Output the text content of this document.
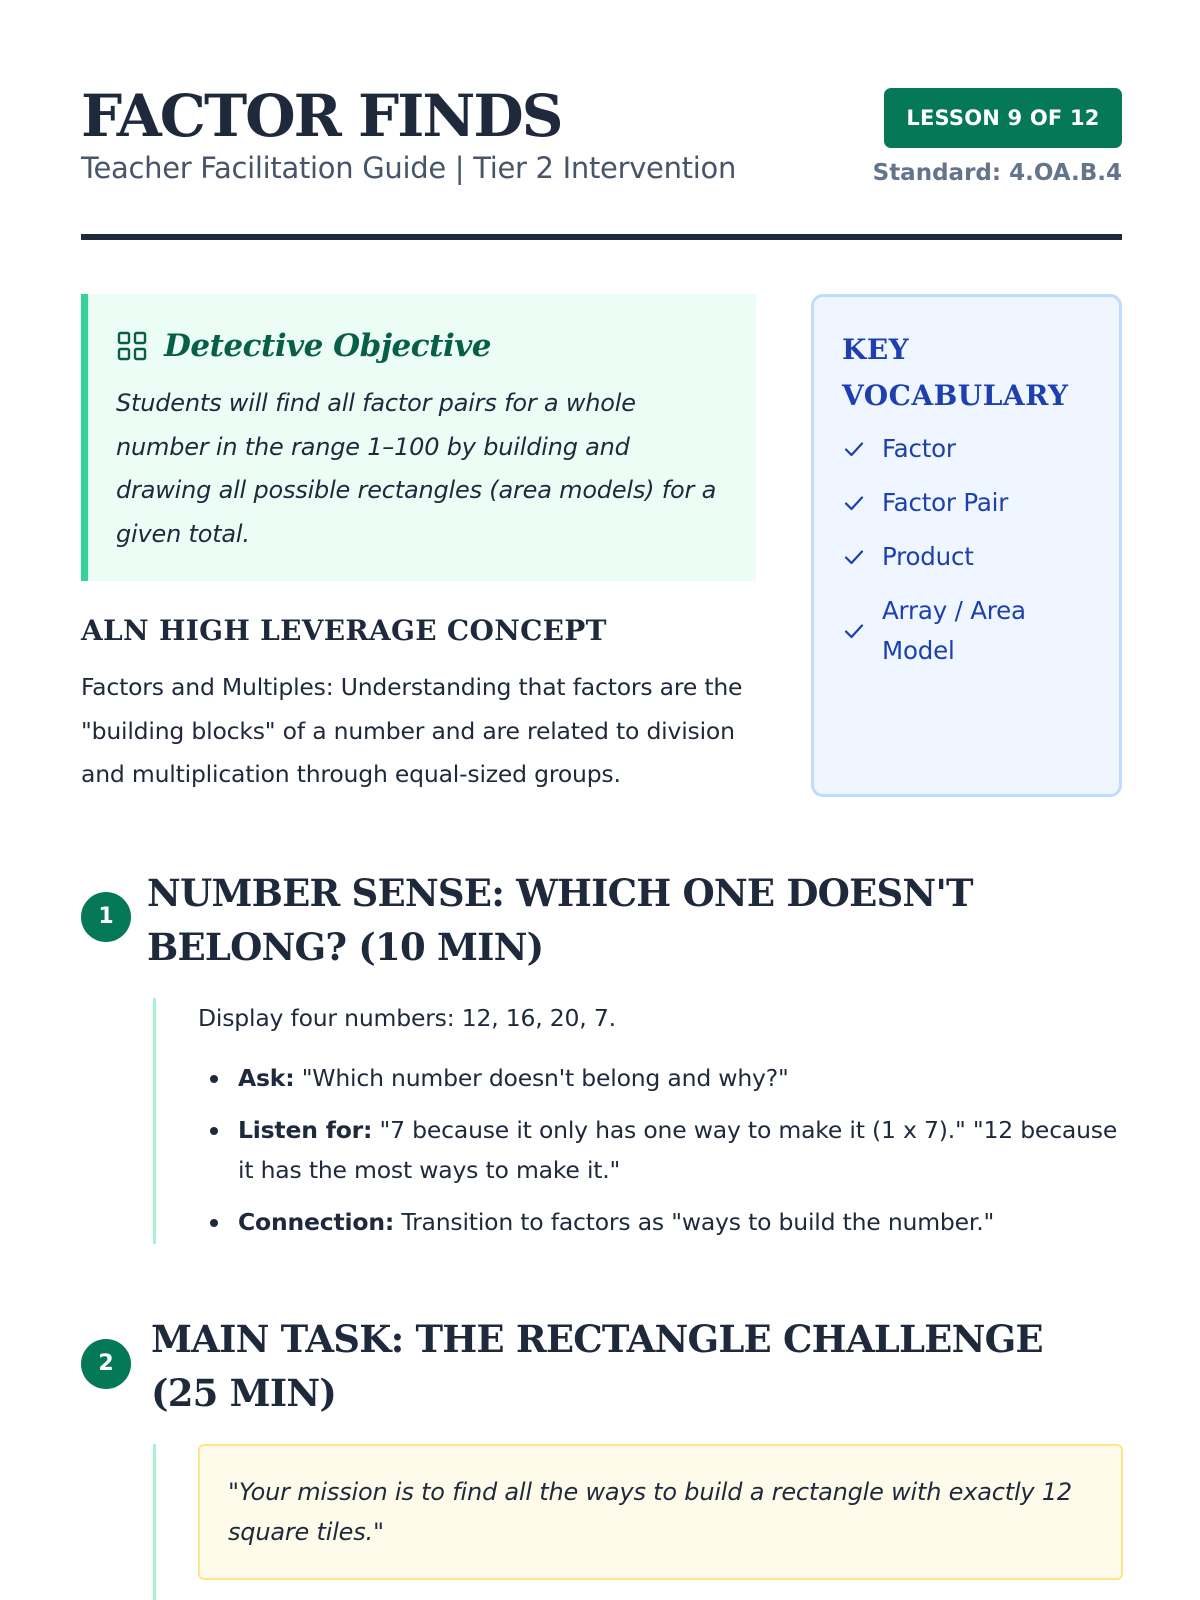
FACTOR FINDS
Teacher Facilitation Guide | Tier 2 Intervention
LESSON 9 OF 12
Standard: 4.OA.B.4
Detective Objective

Students will find all factor pairs for a whole number in the range 1–100 by building and drawing all possible rectangles (area models) for a given total.

ALN HIGH LEVERAGE CONCEPT

Factors and Multiples: Understanding that factors are the "building blocks" of a number and are related to division and multiplication through equal-sized groups.

KEY VOCABULARY
Factor
Factor Pair
Product
Array / Area Model
1
NUMBER SENSE: WHICH ONE DOESN'T BELONG? (10 MIN)

Display four numbers: 12, 16, 20, 7.

Ask: "Which number doesn't belong and why?"
Listen for: "7 because it only has one way to make it (1 x 7)." "12 because it has the most ways to make it."
Connection: Transition to factors as "ways to build the number."
2
MAIN TASK: THE RECTANGLE CHALLENGE (25 MIN)
"Your mission is to find all the ways to build a rectangle with exactly 12 square tiles."
